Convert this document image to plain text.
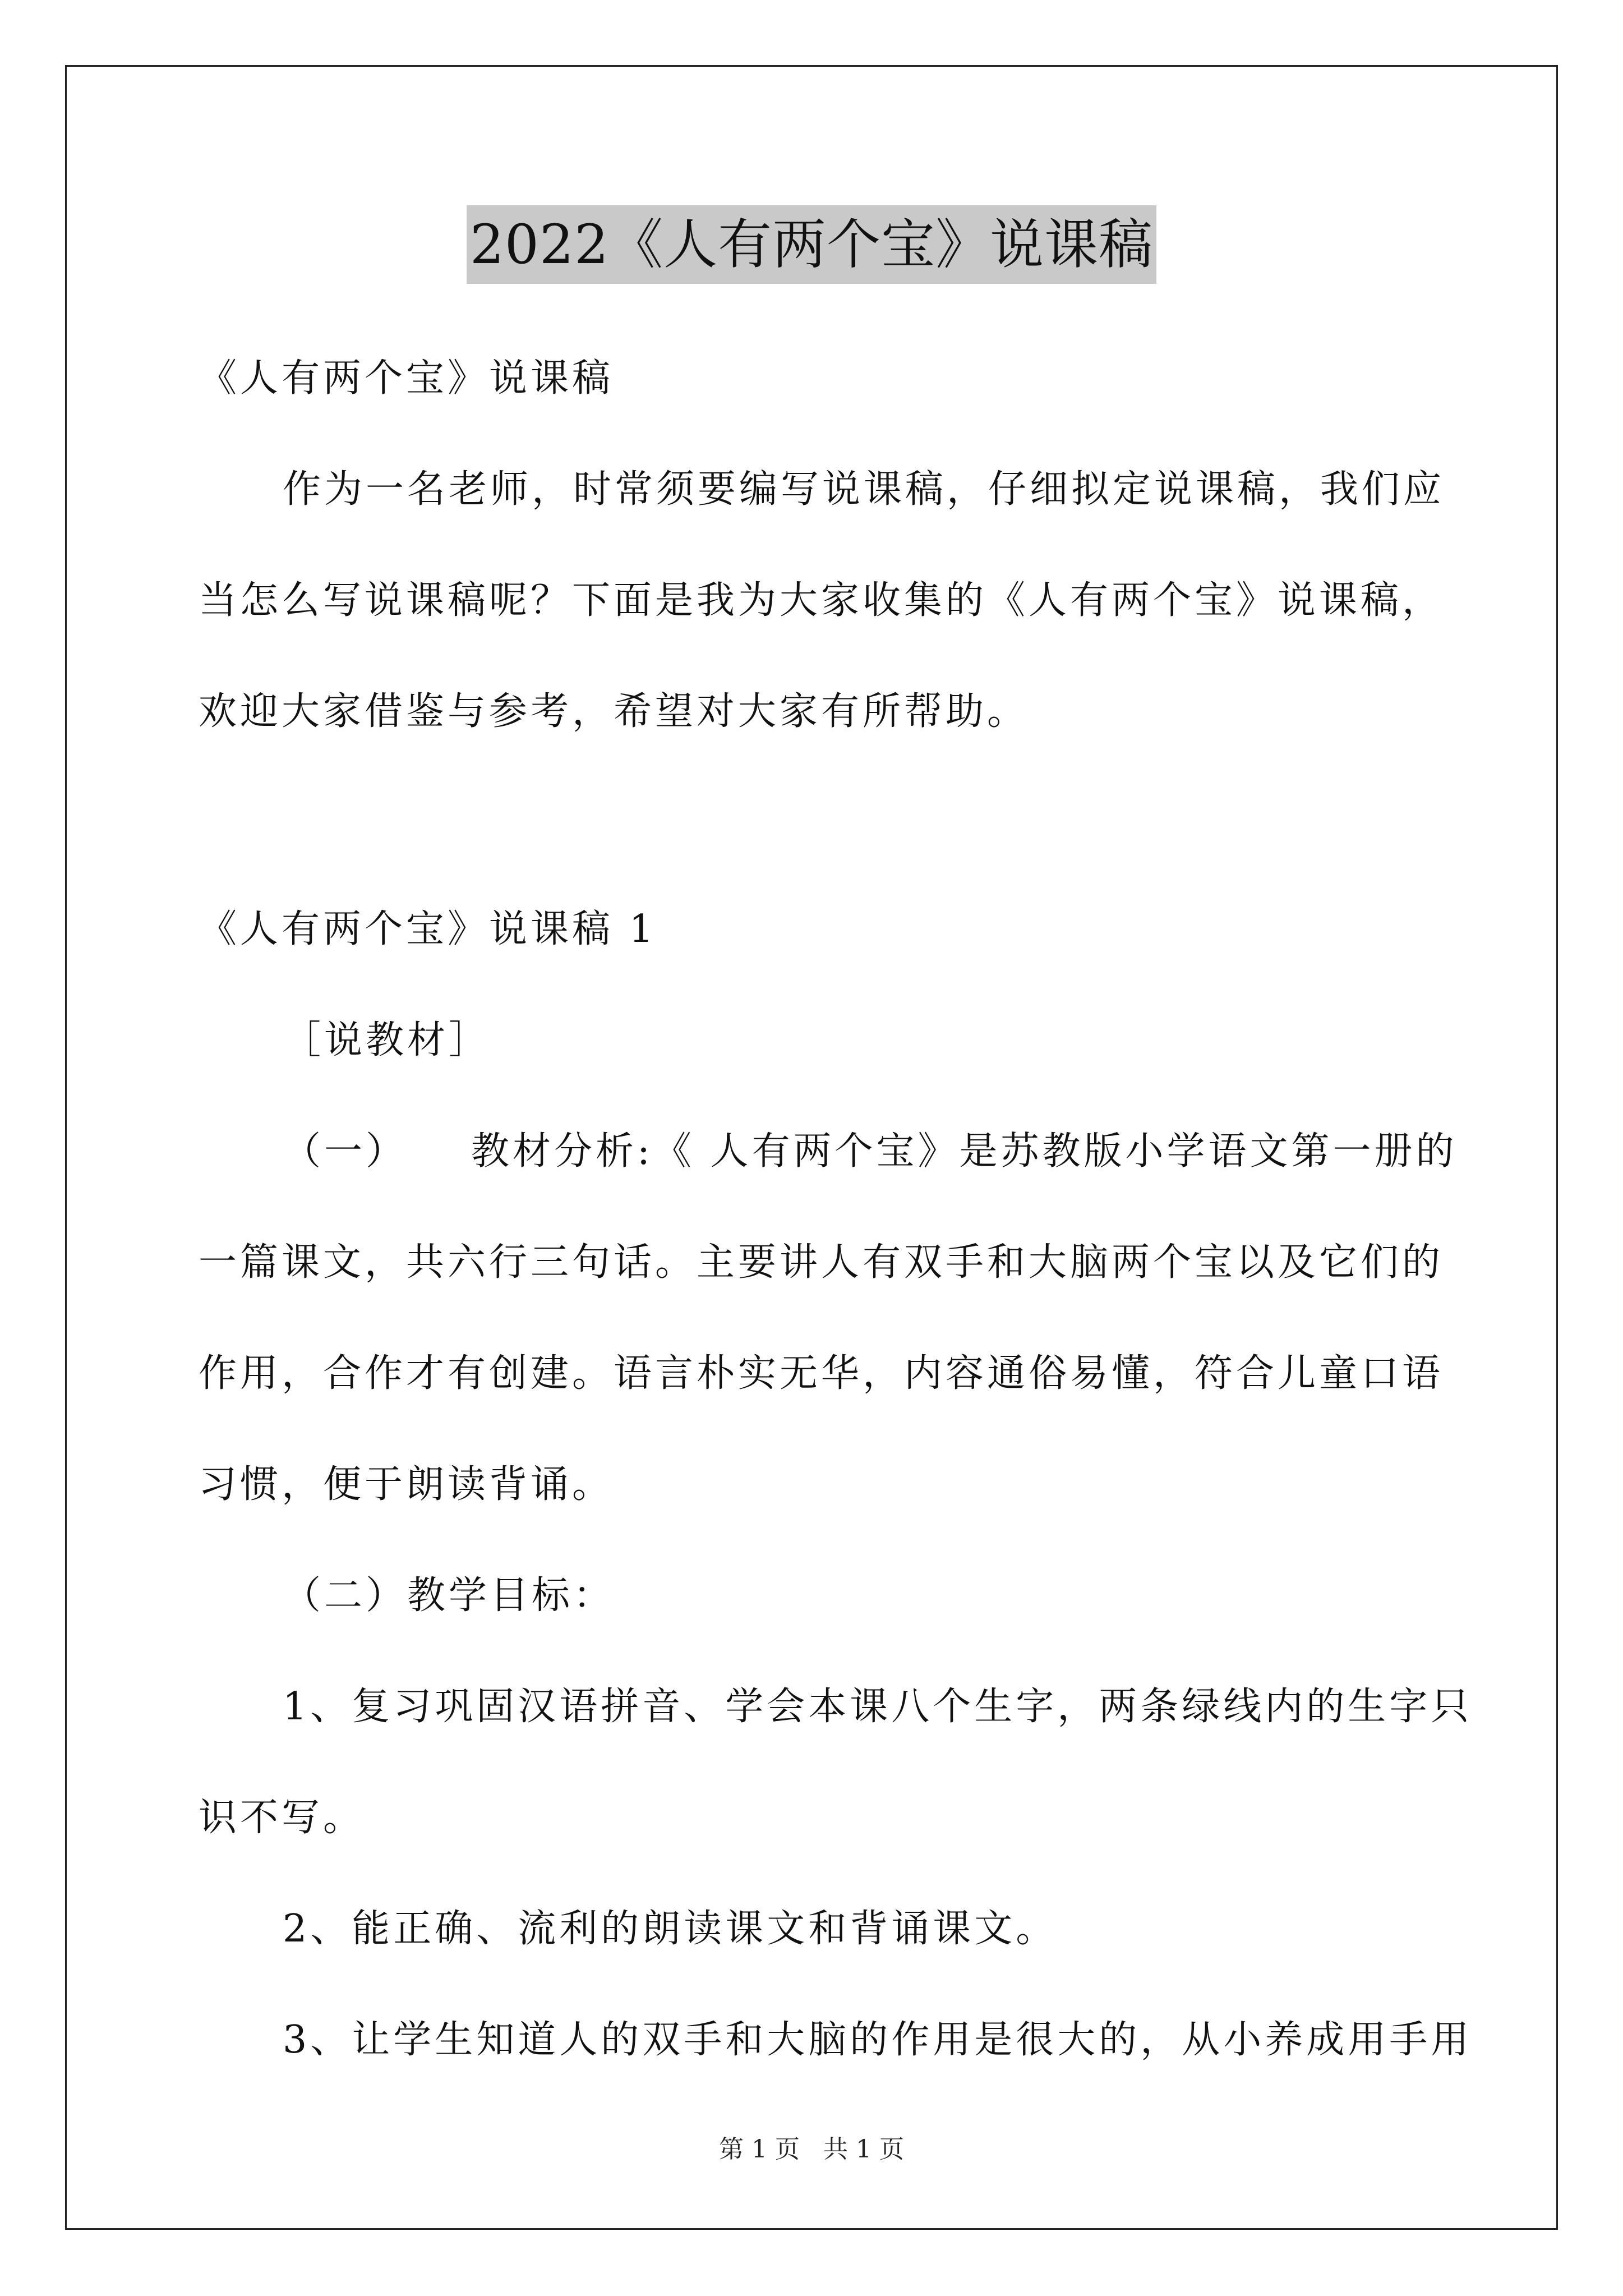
2022《人有两个宝》说课稿
《人有两个宝》说课稿
作为一名老师，时常须要编写说课稿，仔细拟定说课稿，我们应
当怎么写说课稿呢？下面是我为大家收集的《人有两个宝》说课稿，
欢迎大家借鉴与参考，希望对大家有所帮助。
《人有两个宝》说课稿 1
［说教材］
（一）　　教材分析:《 人有两个宝》是苏教版小学语文第一册的
一篇课文，共六行三句话。主要讲人有双手和大脑两个宝以及它们的
作用，合作才有创建。语言朴实无华，内容通俗易懂，符合儿童口语
习惯，便于朗读背诵。
（二）教学目标：
1、复习巩固汉语拼音、学会本课八个生字，两条绿线内的生字只
识不写。
2、能正确、流利的朗读课文和背诵课文。
3、让学生知道人的双手和大脑的作用是很大的，从小养成用手用
第 1 页 共 1 页
